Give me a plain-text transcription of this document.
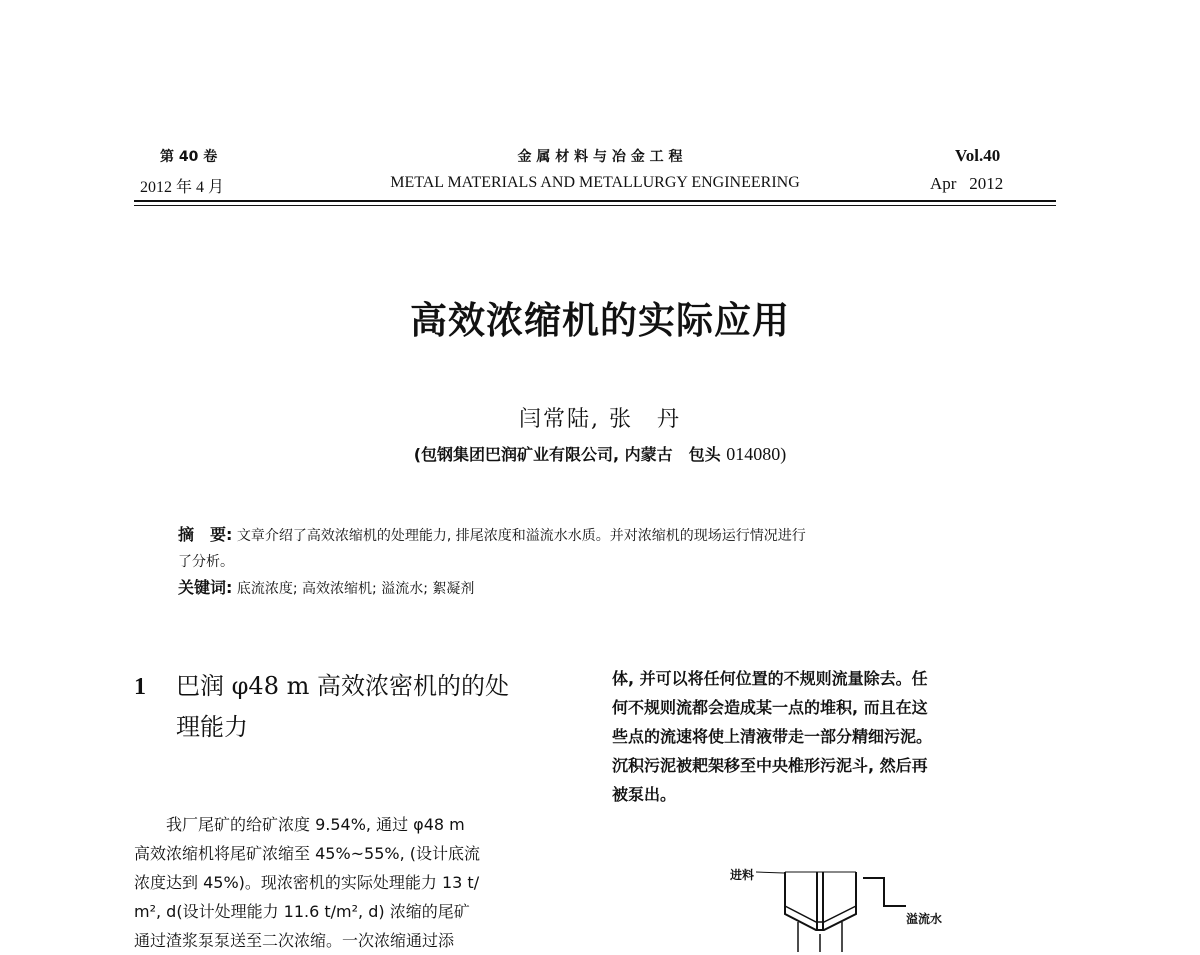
第 40 卷
2012 年 4 月
金 属 材 料 与 冶 金 工 程
METAL MATERIALS AND METALLURGY ENGINEERING
Vol.40
Apr   2012
高效浓缩机的实际应用
闫常陆, 张　丹
(包钢集团巴润矿业有限公司, 内蒙古　包头 014080)
摘　要: 文章介绍了高效浓缩机的处理能力, 排尾浓度和溢流水水质。并对浓缩机的现场运行情况进行
了分析。
关键词: 底流浓度; 高效浓缩机; 溢流水; 絮凝剂
1 巴润 φ48 m 高效浓密机的的处
理能力
我厂尾矿的给矿浓度 9.54%, 通过 φ48 m
高效浓缩机将尾矿浓缩至 45%~55%, (设计底流
浓度达到 45%)。现浓密机的实际处理能力 13 t/
m², d(设计处理能力 11.6 t/m², d) 浓缩的尾矿
通过渣浆泵泵送至二次浓缩。一次浓缩通过添
体, 并可以将任何位置的不规则流量除去。任
何不规则流都会造成某一点的堆积, 而且在这
些点的流速将使上清液带走一部分精细污泥。
沉积污泥被耙架移至中央椎形污泥斗, 然后再
被泵出。
进料
溢流水
